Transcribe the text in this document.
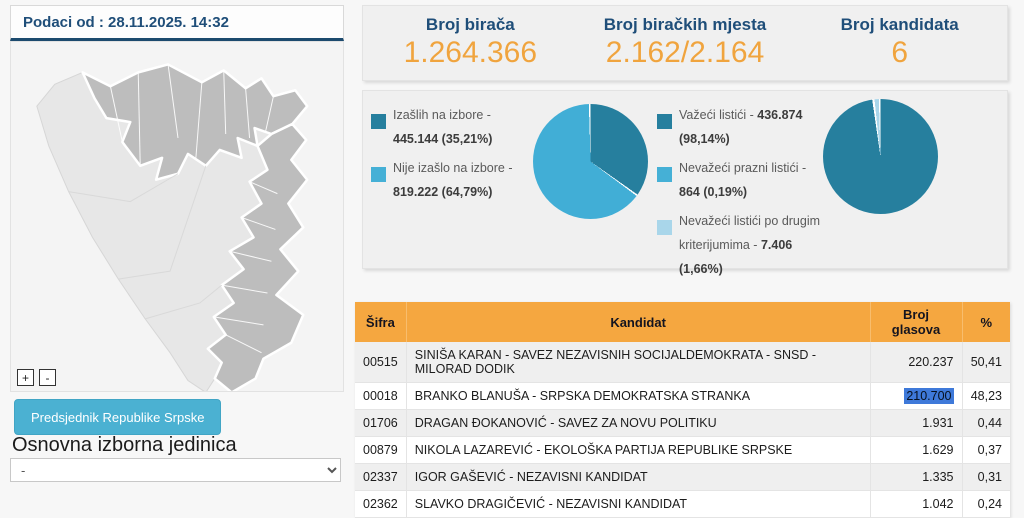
Podaci od : 28.11.2025. 14:32
+	-
Predsjednik Republike Srpske
Osnovna izborna jedinica
-
Broj birača
1.264.366
Broj biračkih mjesta
2.162/2.164
Broj kandidata
6
Izašlih na izbore - 445.144 (35,21%)
Nije izašlo na izbore - 819.222 (64,79%)
Važeći listići - 436.874 (98,14%)
Nevažeći prazni listići - 864 (0,19%)
Nevažeći listići po drugim kriterijumima - 7.406 (1,66%)
Šifra	Kandidat	Broj glasova	%
00515	SINIŠA KARAN - SAVEZ NEZAVISNIH SOCIJALDEMOKRATA - SNSD - MILORAD DODIK	220.237	50,41
00018	BRANKO BLANUŠA - SRPSKA DEMOKRATSKA STRANKA	210.700	48,23
01706	DRAGAN ĐOKANOVIĆ - SAVEZ ZA NOVU POLITIKU	1.931	0,44
00879	NIKOLA LAZAREVIĆ - EKOLOŠKA PARTIJA REPUBLIKE SRPSKE	1.629	0,37
02337	IGOR GAŠEVIĆ - NEZAVISNI KANDIDAT	1.335	0,31
02362	SLAVKO DRAGIČEVIĆ - NEZAVISNI KANDIDAT	1.042	0,24
